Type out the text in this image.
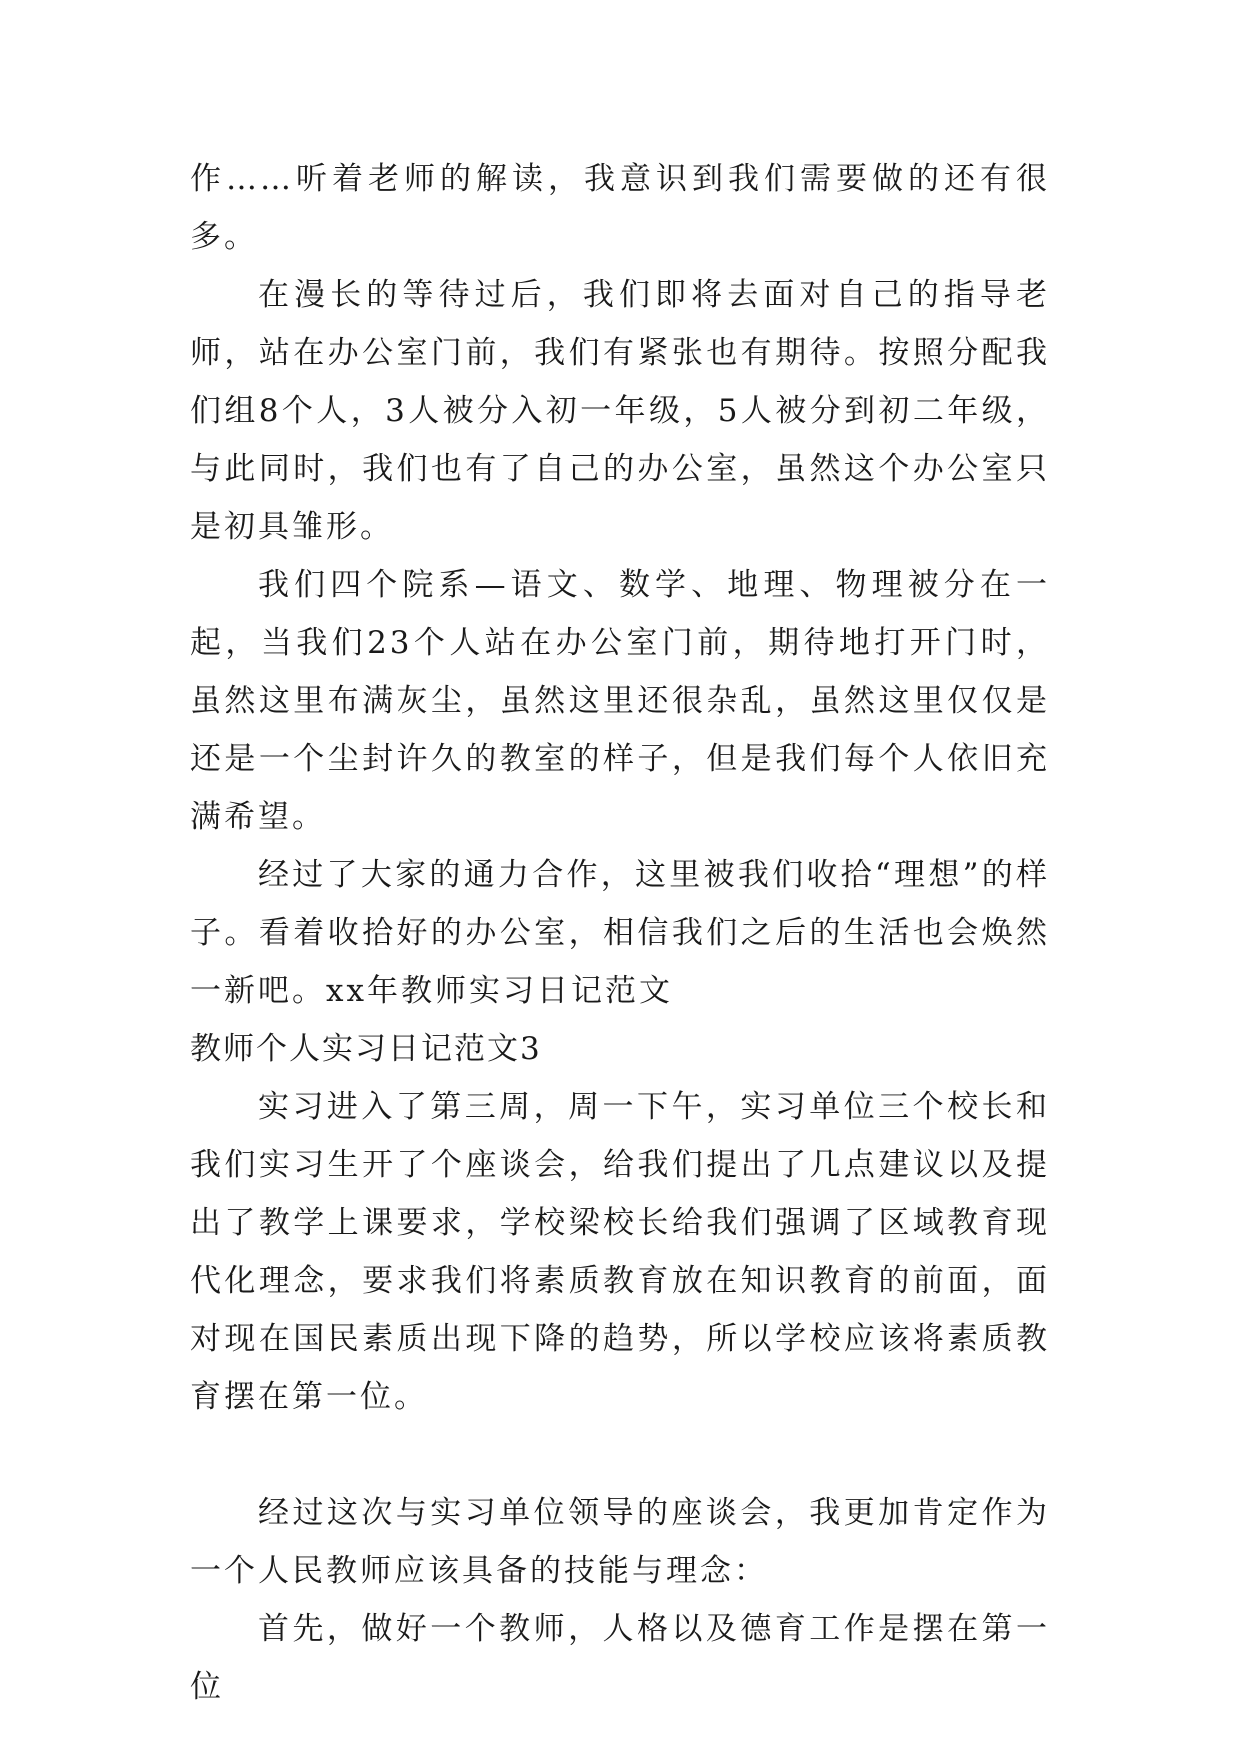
作……听着老师的解读，我意识到我们需要做的还有很多。

在漫长的等待过后，我们即将去面对自己的指导老师，站在办公室门前，我们有紧张也有期待。按照分配我们组8个人，3人被分入初一年级，5人被分到初二年级，与此同时，我们也有了自己的办公室，虽然这个办公室只是初具雏形。

我们四个院系—语文、数学、地理、物理被分在一起，当我们23个人站在办公室门前，期待地打开门时，虽然这里布满灰尘，虽然这里还很杂乱，虽然这里仅仅是还是一个尘封许久的教室的样子，但是我们每个人依旧充满希望。

经过了大家的通力合作，这里被我们收拾“理想”的样子。看着收拾好的办公室，相信我们之后的生活也会焕然一新吧。xx年教师实习日记范文

教师个人实习日记范文3

实习进入了第三周，周一下午，实习单位三个校长和我们实习生开了个座谈会，给我们提出了几点建议以及提出了教学上课要求，学校梁校长给我们强调了区域教育现代化理念，要求我们将素质教育放在知识教育的前面，面对现在国民素质出现下降的趋势，所以学校应该将素质教育摆在第一位。

经过这次与实习单位领导的座谈会，我更加肯定作为一个人民教师应该具备的技能与理念：

首先，做好一个教师，人格以及德育工作是摆在第一位
